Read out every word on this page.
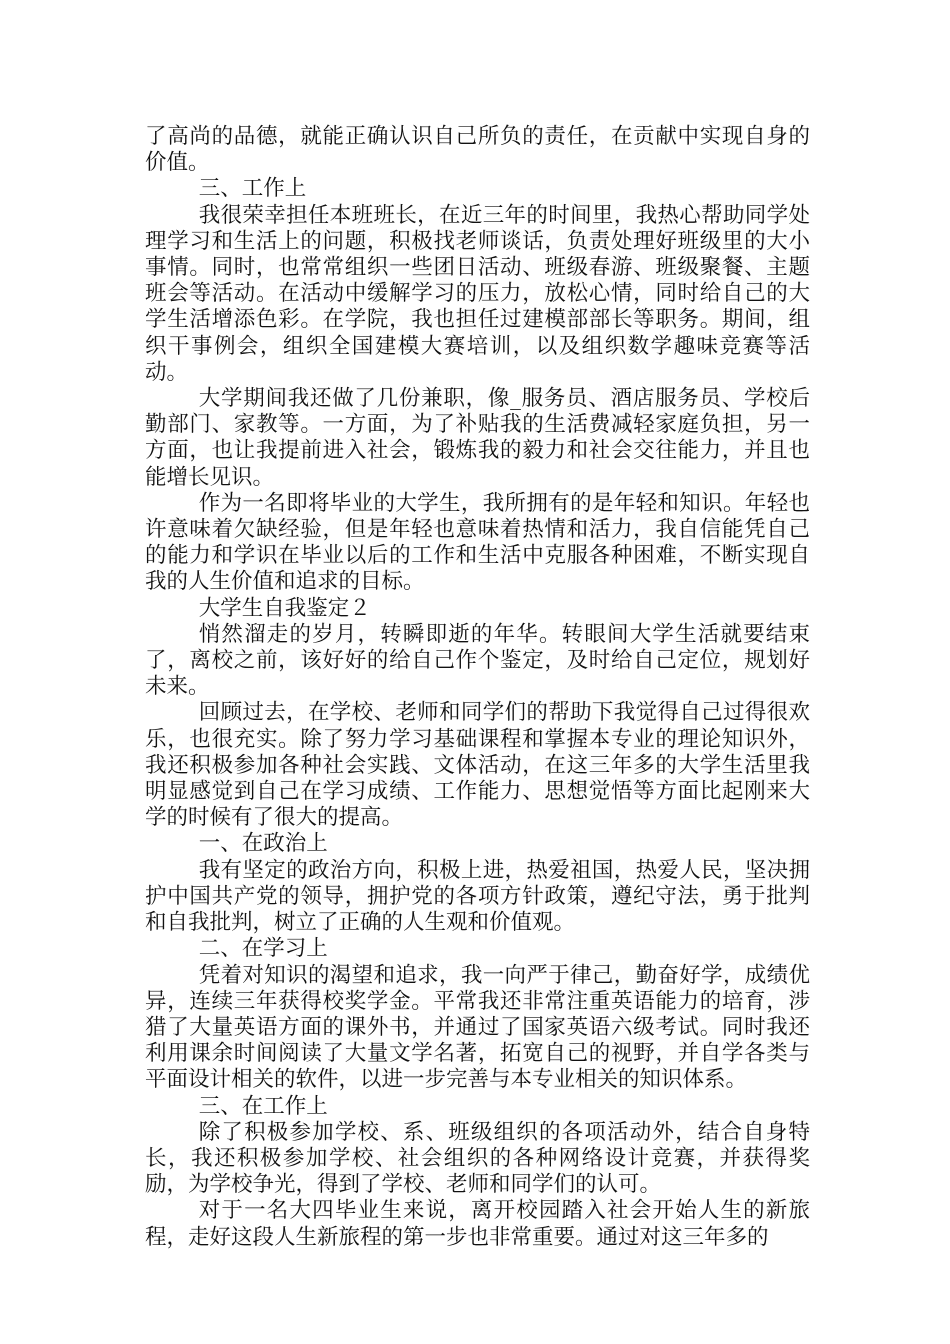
了高尚的品德，就能正确认识自己所负的责任，在贡献中实现自身的价值。

三、工作上

我很荣幸担任本班班长，在近三年的时间里，我热心帮助同学处理学习和生活上的问题，积极找老师谈话，负责处理好班级里的大小事情。同时，也常常组织一些团日活动、班级春游、班级聚餐、主题班会等活动。在活动中缓解学习的压力，放松心情，同时给自己的大学生活增添色彩。在学院，我也担任过建模部部长等职务。期间，组织干事例会，组织全国建模大赛培训，以及组织数学趣味竞赛等活动。

大学期间我还做了几份兼职，像_服务员、酒店服务员、学校后勤部门、家教等。一方面，为了补贴我的生活费减轻家庭负担，另一方面，也让我提前进入社会，锻炼我的毅力和社会交往能力，并且也能增长见识。

作为一名即将毕业的大学生，我所拥有的是年轻和知识。年轻也许意味着欠缺经验，但是年轻也意味着热情和活力，我自信能凭自己的能力和学识在毕业以后的工作和生活中克服各种困难，不断实现自我的人生价值和追求的目标。

大学生自我鉴定２

悄然溜走的岁月，转瞬即逝的年华。转眼间大学生活就要结束了，离校之前，该好好的给自己作个鉴定，及时给自己定位，规划好未来。

回顾过去，在学校、老师和同学们的帮助下我觉得自己过得很欢乐，也很充实。除了努力学习基础课程和掌握本专业的理论知识外，我还积极参加各种社会实践、文体活动，在这三年多的大学生活里我明显感觉到自己在学习成绩、工作能力、思想觉悟等方面比起刚来大学的时候有了很大的提高。

一、在政治上

我有坚定的政治方向，积极上进，热爱祖国，热爱人民，坚决拥护中国共产党的领导，拥护党的各项方针政策，遵纪守法，勇于批判和自我批判，树立了正确的人生观和价值观。

二、在学习上

凭着对知识的渴望和追求，我一向严于律己，勤奋好学，成绩优异，连续三年获得校奖学金。平常我还非常注重英语能力的培育，涉猎了大量英语方面的课外书，并通过了国家英语六级考试。同时我还利用课余时间阅读了大量文学名著，拓宽自己的视野，并自学各类与平面设计相关的软件，以进一步完善与本专业相关的知识体系。

三、在工作上

除了积极参加学校、系、班级组织的各项活动外，结合自身特长，我还积极参加学校、社会组织的各种网络设计竞赛，并获得奖励，为学校争光，得到了学校、老师和同学们的认可。

对于一名大四毕业生来说，离开校园踏入社会开始人生的新旅程，走好这段人生新旅程的第一步也非常重要。通过对这三年多的
